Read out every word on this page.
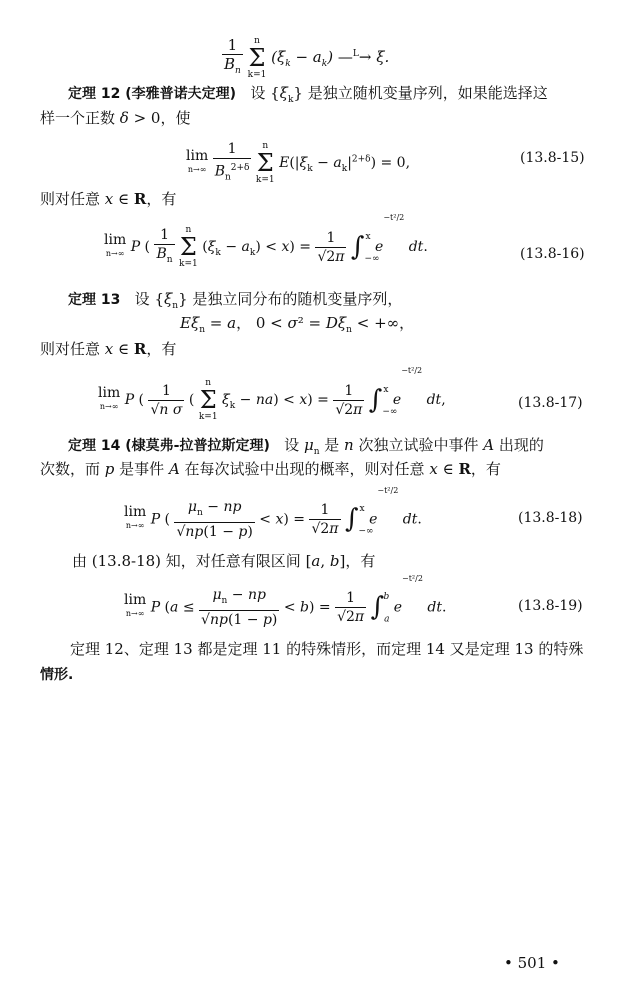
$\frac{1}{B_n}$
	n
Σ
k=1
$(\xi_k - a_k)$ —$^L$→ ξ.
定理 12 (李雅普诺夫定理)   设 $\{\xi_k\}$ 是独立随机变量序列，如果能选择这
样一个正数 δ > 0，使
lim
n→∞
$\frac{1}{B_n^{2+\delta}}$
	n
Σ
k=1
$E(|\xi_k - a_k|^{2+\delta}) = 0$,	(13.8-15)
则对任意 x ∈ R，有
lim
n→∞ P ( $\frac{1}{B_n}$
	n
Σ
k=1
$(\xi_k - a_k) < x) = \frac{1}{√2\pi} \int_{-\infty}^x$ $e^{-t^2/2}$ dt.	(13.8-16)
定理 13   设 $\{\xi_n\}$ 是独立同分布的随机变量序列，
$E\xi_n = a$， $0 < \sigma^2 = D\xi_n$ < +∞，
则对任意 x ∈ R，有
lim
n→∞ P ( $\frac{1}{\text{√n σ}}$ (
n
Σ
k=1
$\xi_k - na) < x) = \frac{1}{√2\pi} \int_{-\infty}^x$ $e^{-t^2/2}$ dt,	(13.8-17)
定理 14 (棣莫弗-拉普拉斯定理)   设 $\mu_n$ 是 n 次独立试验中事件 A 出现的
次数，而 p 是事件 A 在每次试验中出现的概率，则对任意 x ∈ R，有
lim
n→∞ P ( $\frac{\mu_n - np}{√np(1 - p)} < x) = \frac{1}{√2\pi} \int_{-\infty}^x$ $e^{-t^2/2}$ dt.	(13.8-18)
由 (13.8-18) 知，对任意有限区间 [a, b]，有
lim
n→∞ P $(a \le \frac{\mu_n - np}{√np(1 - p)} < b) = \frac{1}{√2\pi} \int_a^b$ $e^{-t^2/2}$ dt.	(13.8-19)
定理 12、定理 13 都是定理 11 的特殊情形，而定理 14 又是定理 13 的特殊
情形.
• 501 •
